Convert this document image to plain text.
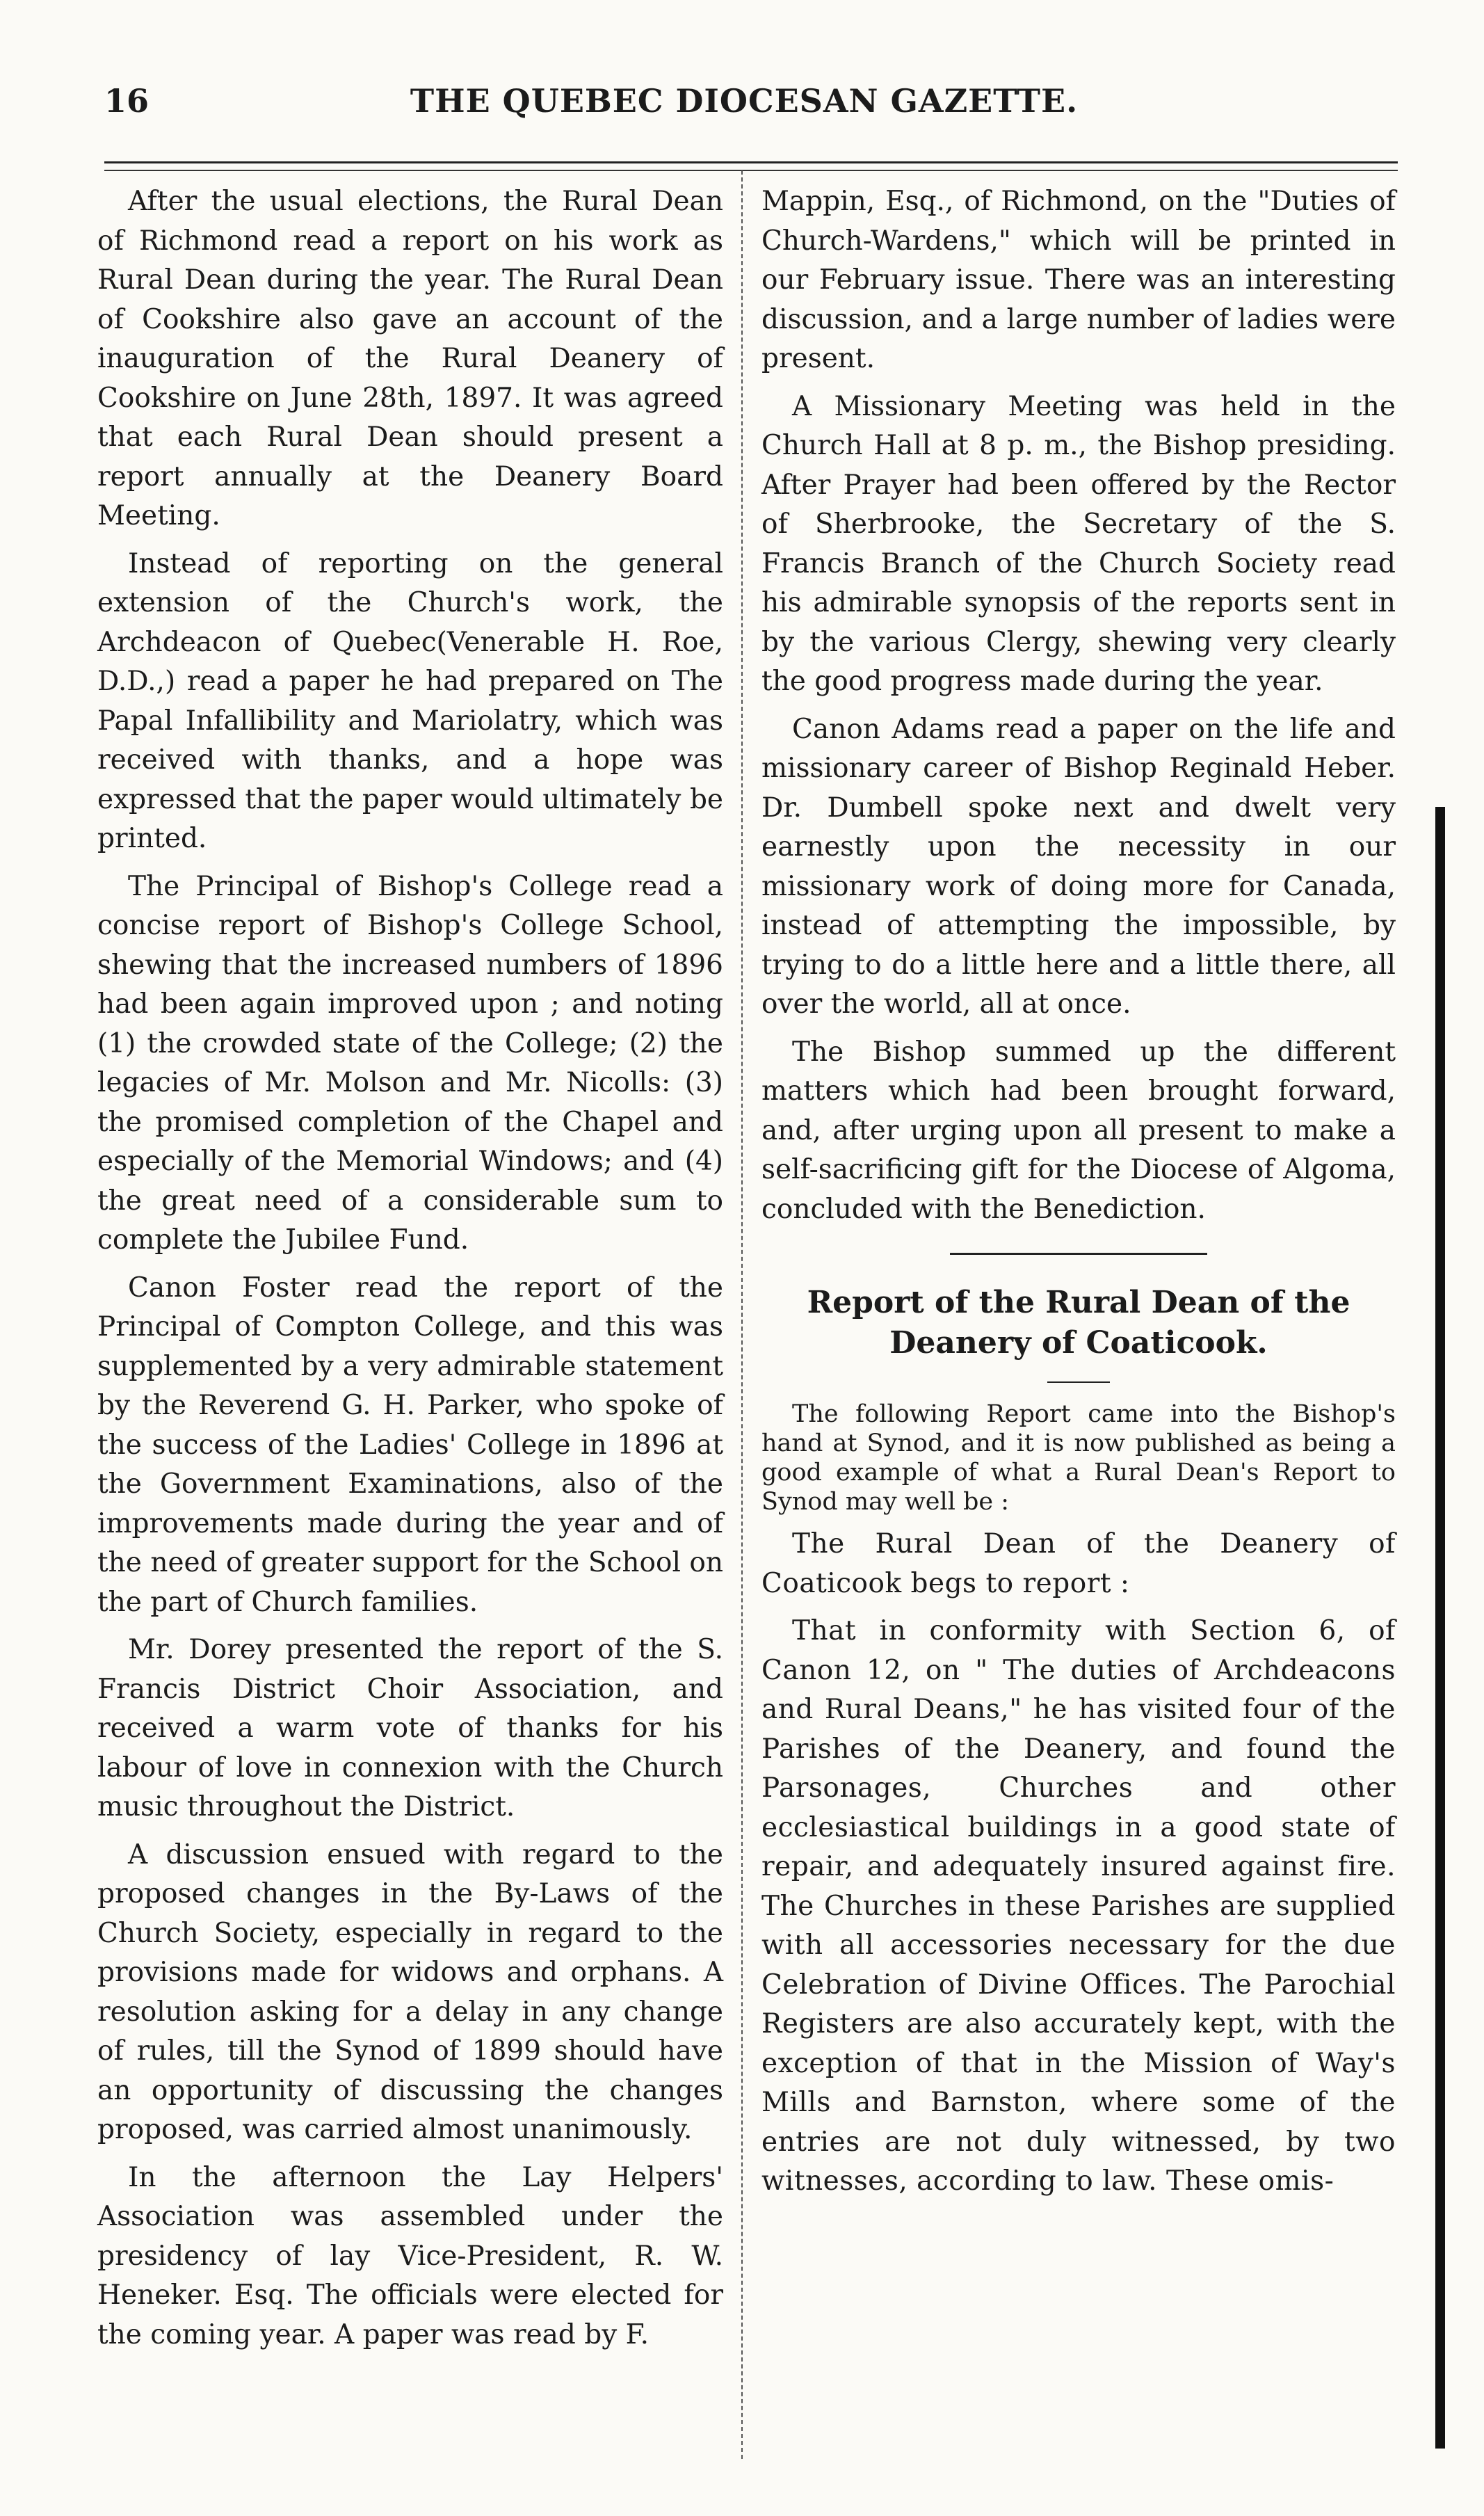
16	THE QUEBEC DIOCESAN GAZETTE.

After the usual elections, the Rural Dean of Richmond read a report on his work as Rural Dean during the year. The Rural Dean of Cookshire also gave an account of the inauguration of the Rural Deanery of Cookshire on June 28th, 1897. It was agreed that each Rural Dean should present a report annually at the Deanery Board Meeting.

Instead of reporting on the general extension of the Church's work, the Archdeacon of Quebec(Venerable H. Roe, D.D.,) read a paper he had prepared on The Papal Infallibility and Mariolatry, which was received with thanks, and a hope was expressed that the paper would ultimately be printed.

The Principal of Bishop's College read a concise report of Bishop's College School, shewing that the increased numbers of 1896 had been again improved upon ; and noting (1) the crowded state of the College; (2) the legacies of Mr. Molson and Mr. Nicolls: (3) the promised completion of the Chapel and especially of the Memorial Windows; and (4) the great need of a considerable sum to complete the Jubilee Fund.

Canon Foster read the report of the Principal of Compton College, and this was supplemented by a very admirable statement by the Reverend G. H. Parker, who spoke of the success of the Ladies' College in 1896 at the Government Examinations, also of the improvements made during the year and of the need of greater support for the School on the part of Church families.

Mr. Dorey presented the report of the S. Francis District Choir Association, and received a warm vote of thanks for his labour of love in connexion with the Church music throughout the District.

A discussion ensued with regard to the proposed changes in the By-Laws of the Church Society, especially in regard to the provisions made for widows and orphans. A resolution asking for a delay in any change of rules, till the Synod of 1899 should have an opportunity of discussing the changes proposed, was carried almost unanimously.

In the afternoon the Lay Helpers' Association was assembled under the presidency of lay Vice-President, R. W. Heneker. Esq. The officials were elected for the coming year. A paper was read by F.

Mappin, Esq., of Richmond, on the "Duties of Church-Wardens," which will be printed in our February issue. There was an interesting discussion, and a large number of ladies were present.

A Missionary Meeting was held in the Church Hall at 8 p. m., the Bishop presiding. After Prayer had been offered by the Rector of Sherbrooke, the Secretary of the S. Francis Branch of the Church Society read his admirable synopsis of the reports sent in by the various Clergy, shewing very clearly the good progress made during the year.

Canon Adams read a paper on the life and missionary career of Bishop Reginald Heber. Dr. Dumbell spoke next and dwelt very earnestly upon the necessity in our missionary work of doing more for Canada, instead of attempting the impossible, by trying to do a little here and a little there, all over the world, all at once.

The Bishop summed up the different matters which had been brought forward, and, after urging upon all present to make a self-sacrificing gift for the Diocese of Algoma, concluded with the Benediction.

Report of the Rural Dean of the
Deanery of Coaticook.

The following Report came into the Bishop's hand at Synod, and it is now published as being a good example of what a Rural Dean's Report to Synod may well be :

The Rural Dean of the Deanery of Coaticook begs to report :

That in conformity with Section 6, of Canon 12, on " The duties of Archdeacons and Rural Deans," he has visited four of the Parishes of the Deanery, and found the Parsonages, Churches and other ecclesiastical buildings in a good state of repair, and adequately insured against fire. The Churches in these Parishes are supplied with all accessories necessary for the due Celebration of Divine Offices. The Parochial Registers are also accurately kept, with the exception of that in the Mission of Way's Mills and Barnston, where some of the entries are not duly witnessed, by two witnesses, according to law. These omis-
